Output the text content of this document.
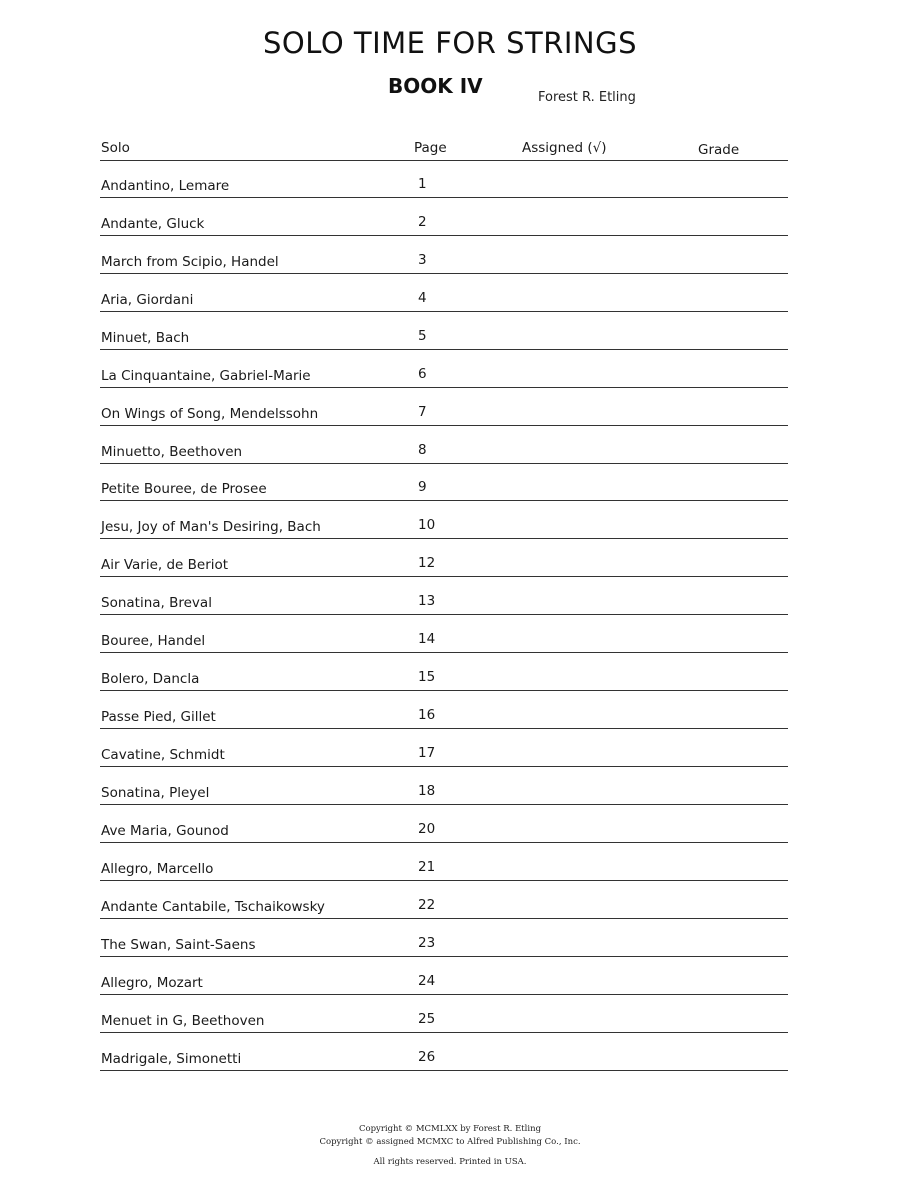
SOLO TIME FOR STRINGS
BOOK IV	Forest R. Etling
Solo	Page	Assigned (√)	Grade
Andantino, Lemare	1
Andante, Gluck	2
March from Scipio, Handel	3
Aria, Giordani	4
Minuet, Bach	5
La Cinquantaine, Gabriel-Marie	6
On Wings of Song, Mendelssohn	7
Minuetto, Beethoven	8
Petite Bouree, de Prosee	9
Jesu, Joy of Man's Desiring, Bach	10
Air Varie, de Beriot	12
Sonatina, Breval	13
Bouree, Handel	14
Bolero, Dancla	15
Passe Pied, Gillet	16
Cavatine, Schmidt	17
Sonatina, Pleyel	18
Ave Maria, Gounod	20
Allegro, Marcello	21
Andante Cantabile, Tschaikowsky	22
The Swan, Saint-Saens	23
Allegro, Mozart	24
Menuet in G, Beethoven	25
Madrigale, Simonetti	26
Copyright © MCMLXX by Forest R. Etling
Copyright © assigned MCMXC to Alfred Publishing Co., Inc.
All rights reserved. Printed in USA.
